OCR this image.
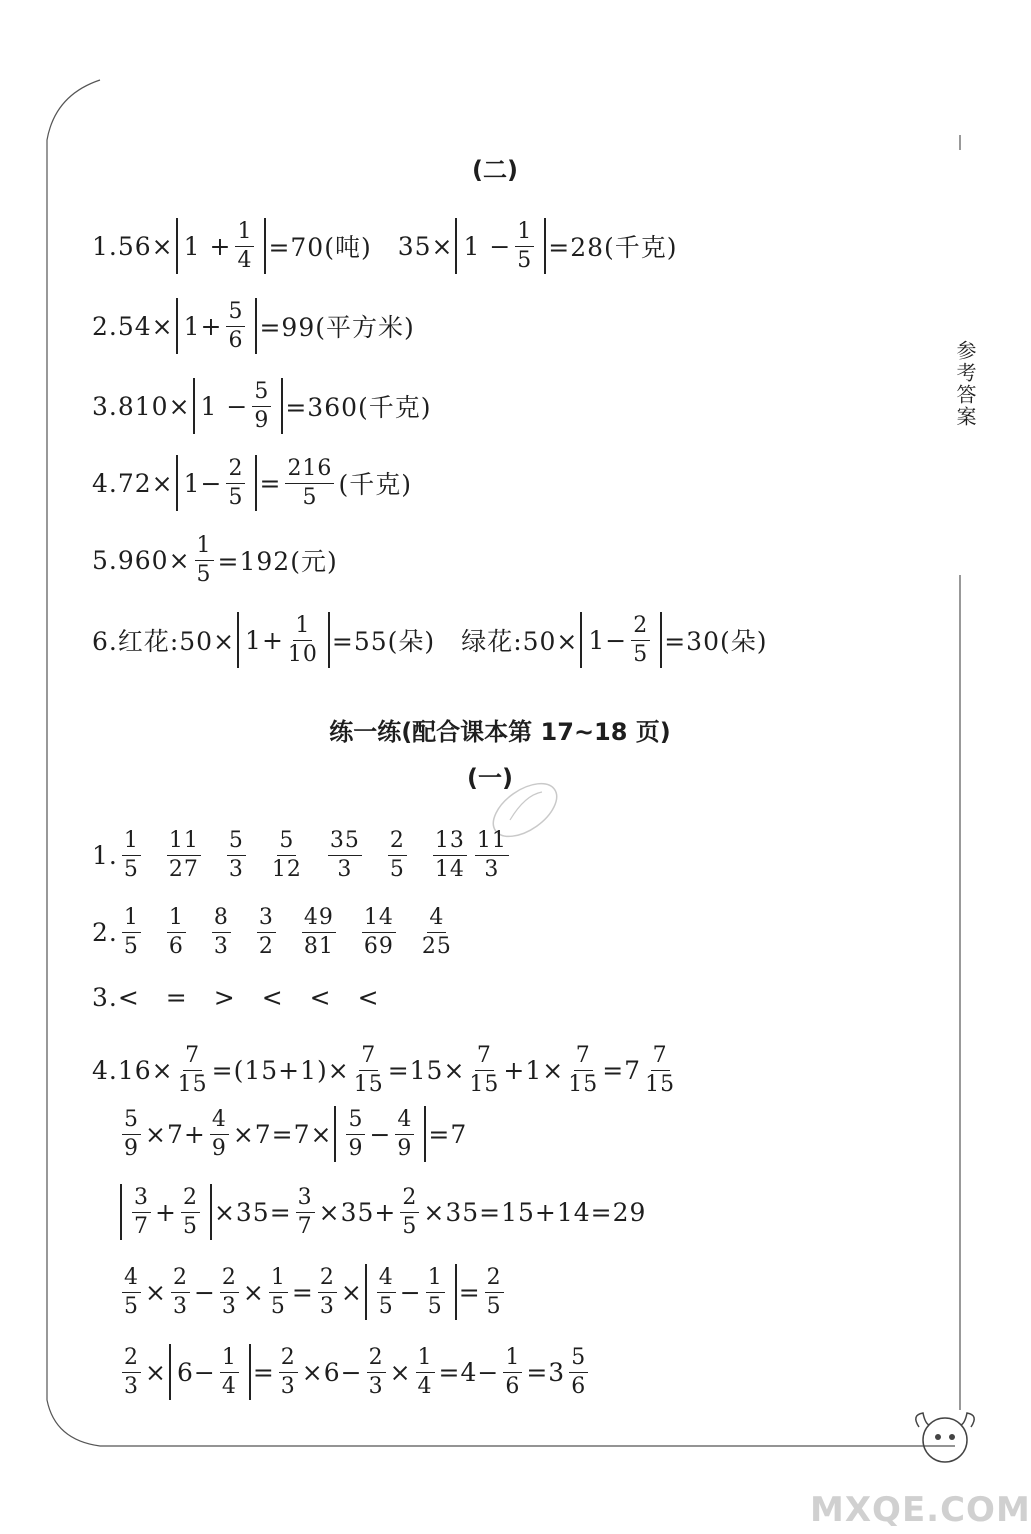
参考答案
(二)
$1.56\times 1 + \frac{1}{4} =70$(吨) $35\times 1 - \frac{1}{5} =28$(千克)
$2.54\times 1+ \frac{5}{6} =99$(平方米)
$3.810\times 1 - \frac{5}{9} =360$(千克)
$4.72\times 1- \frac{2}{5} = \frac{216}{5}$ (千克)
$5.960\times \frac{1}{5} =192$(元)
6.红花:50× $1+ \frac{1}{10} =55$(朵) 绿花:50× $1- \frac{2}{5} =30$(朵)
练一练(配合课本第 17~18 页)
(一)
1. $\frac{1}{5} \frac{11}{27} \frac{5}{3} \frac{5}{12} \frac{35}{3} \frac{2}{5} \frac{13}{14} \frac{11}{3}$
2. $\frac{1}{5} \frac{1}{6} \frac{8}{3} \frac{3}{2} \frac{49}{81} \frac{14}{69} \frac{4}{25}$
3.<　=　>　<　<　<
$4.16\times \frac{7}{15} =(15+1)\times \frac{7}{15} =15\times \frac{7}{15} +1\times \frac{7}{15} =7 \frac{7}{15}$
$\frac{5}{9} \times 7+ \frac{4}{9} \times 7=7\times \frac{5}{9} - \frac{4}{9} =7$
$\frac{3}{7} + \frac{2}{5} \times 35= \frac{3}{7} \times 35+ \frac{2}{5} \times 35=15+14=29$
$\frac{4}{5} \times \frac{2}{3} - \frac{2}{3} \times \frac{1}{5} = \frac{2}{3} \times \frac{4}{5} - \frac{1}{5} = \frac{2}{5}$
$\frac{2}{3} \times 6- \frac{1}{4} = \frac{2}{3} \times 6- \frac{2}{3} \times \frac{1}{4} =4- \frac{1}{6} =3 \frac{5}{6}$
MXQE.COM
